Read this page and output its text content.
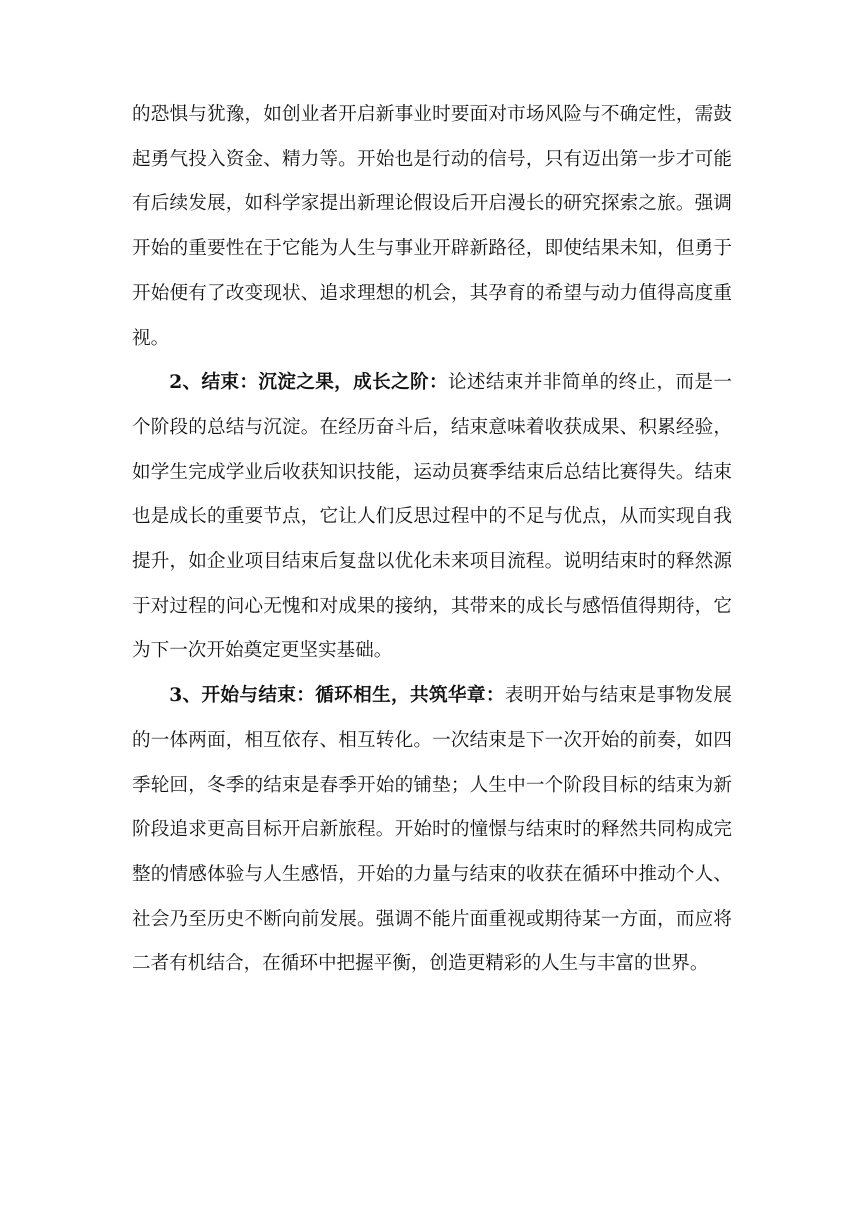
的恐惧与犹豫，如创业者开启新事业时要面对市场风险与不确定性，需鼓起勇气投入资金、精力等。开始也是行动的信号，只有迈出第一步才可能有后续发展，如科学家提出新理论假设后开启漫长的研究探索之旅。强调开始的重要性在于它能为人生与事业开辟新路径，即使结果未知，但勇于开始便有了改变现状、追求理想的机会，其孕育的希望与动力值得高度重视。

2、结束：沉淀之果，成长之阶：论述结束并非简单的终止，而是一个阶段的总结与沉淀。在经历奋斗后，结束意味着收获成果、积累经验，如学生完成学业后收获知识技能，运动员赛季结束后总结比赛得失。结束也是成长的重要节点，它让人们反思过程中的不足与优点，从而实现自我提升，如企业项目结束后复盘以优化未来项目流程。说明结束时的释然源于对过程的问心无愧和对成果的接纳，其带来的成长与感悟值得期待，它为下一次开始奠定更坚实基础。

3、开始与结束：循环相生，共筑华章：表明开始与结束是事物发展的一体两面，相互依存、相互转化。一次结束是下一次开始的前奏，如四季轮回，冬季的结束是春季开始的铺垫；人生中一个阶段目标的结束为新阶段追求更高目标开启新旅程。开始时的憧憬与结束时的释然共同构成完整的情感体验与人生感悟，开始的力量与结束的收获在循环中推动个人、社会乃至历史不断向前发展。强调不能片面重视或期待某一方面，而应将二者有机结合，在循环中把握平衡，创造更精彩的人生与丰富的世界。
